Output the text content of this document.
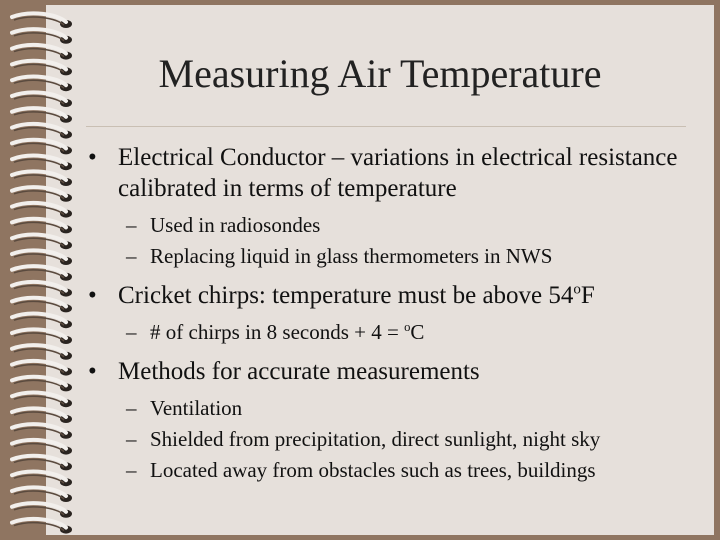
Measuring Air Temperature
• Electrical Conductor – variations in electrical resistance calibrated in terms of temperature
– Used in radiosondes
– Replacing liquid in glass thermometers in NWS
• Cricket chirps: temperature must be above 54$^o$F
– # of chirps in 8 seconds + 4 = $^o$C
• Methods for accurate measurements
– Ventilation
– Shielded from precipitation, direct sunlight, night sky
– Located away from obstacles such as trees, buildings
